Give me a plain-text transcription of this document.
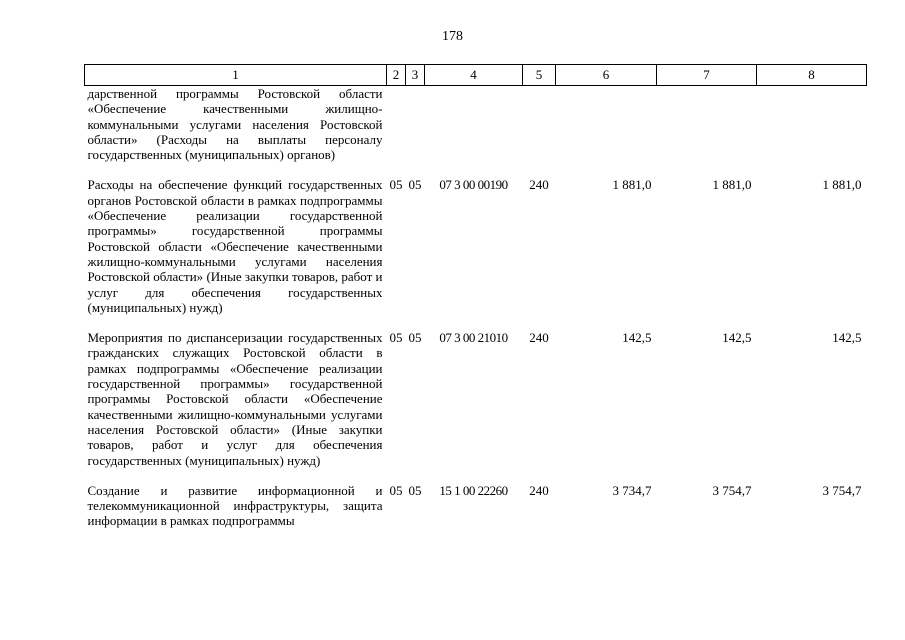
178
1	2	3	4	5	6	7	8
дарственной программы Ростовской области «Обеспечение качественными жилищно-коммунальными услугами населения Ростовской области» (Расходы на выплаты персоналу государственных (муниципальных) органов)							
Расходы на обеспечение функций государственных органов Ростовской области в рамках подпрограммы «Обеспечение реализации государственной программы» государственной программы Ростовской области «Обеспечение качественными жилищно-коммунальными услугами населения Ростовской области» (Иные закупки товаров, работ и услуг для обеспечения государственных (муниципальных) нужд)	05	05	07 3 00 00190	240	1 881,0	1 881,0	1 881,0
Мероприятия по диспансеризации государственных гражданских служащих Ростовской области в рамках подпрограммы «Обеспечение реализации государственной программы» государственной программы Ростовской области «Обеспечение качественными жилищно-коммунальными услугами населения Ростовской области» (Иные закупки товаров, работ и услуг для обеспечения государственных (муниципальных) нужд)	05	05	07 3 00 21010	240	142,5	142,5	142,5
Создание и развитие информационной и телекоммуникационной инфраструктуры, защита информации в рамках подпрограммы	05	05	15 1 00 22260	240	3 734,7	3 754,7	3 754,7
